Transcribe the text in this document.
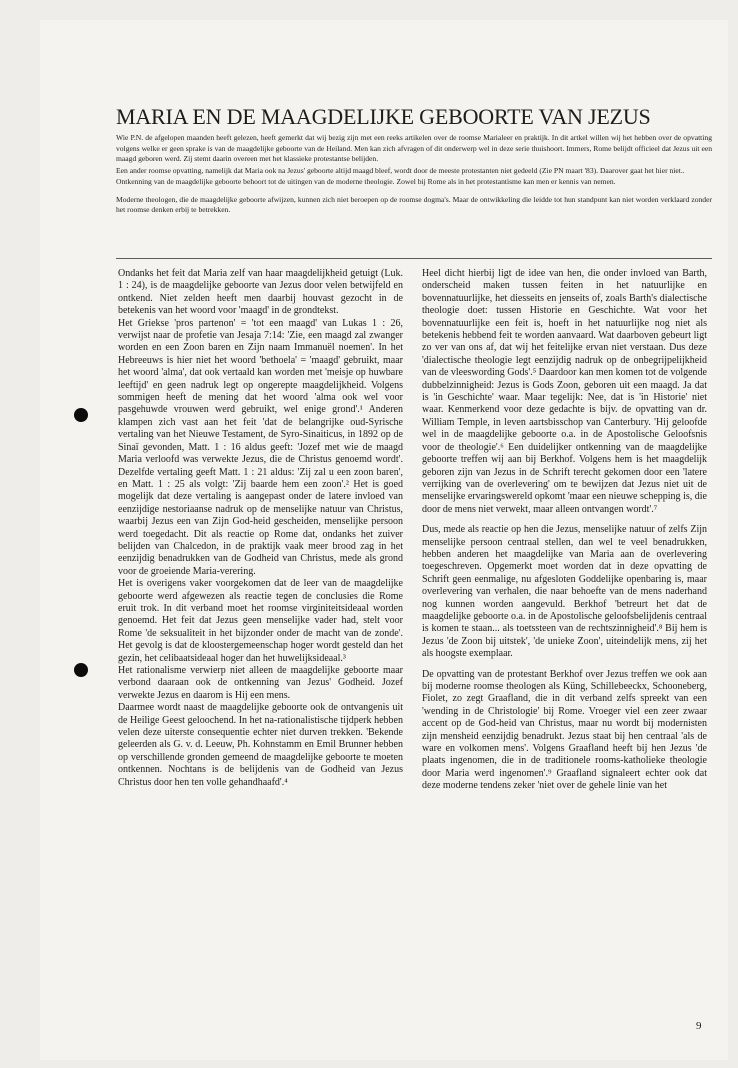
MARIA EN DE MAAGDELIJKE GEBOORTE VAN JEZUS

Wie P.N. de afgelopen maanden heeft gelezen, heeft gemerkt dat wij bezig zijn met een reeks artikelen over de roomse Marialeer en praktijk. In dit artkel willen wij het hebben over de opvatting volgens welke er geen sprake is van de maagdelijke geboorte van de Heiland. Men kan zich afvragen of dit onderwerp wel in deze serie thuishoort. Immers, Rome belijdt officieel dat Jezus uit een maagd geboren werd. Zij stemt daarin overeen met het klassieke protestantse belijden.

Een ander roomse opvatting, namelijk dat Maria ook na Jezus' geboorte altijd maagd bleef, wordt door de meeste protestanten niet gedeeld (Zie PN maart '83). Daarover gaat het hier niet..

Ontkenning van de maagdelijke geboorte behoort tot de uitingen van de moderne theologie. Zowel bij Rome als in het protestantisme kan men er kennis van nemen.

Moderne theologen, die de maagdelijke geboorte afwijzen, kunnen zich niet beroepen op de roomse dogma's. Maar de ontwikkeling die leidde tot hun standpunt kan niet worden verklaard zonder het roomse denken erbij te betrekken.

Ondanks het feit dat Maria zelf van haar maagdelijkheid getuigt (Luk. 1 : 24), is de maagdelijke geboorte van Jezus door velen betwijfeld en ontkend. Niet zelden heeft men daarbij houvast gezocht in de betekenis van het woord voor 'maagd' in de grondtekst.

Het Griekse 'pros partenon' = 'tot een maagd' van Lukas 1 : 26, verwijst naar de profetie van Jesaja 7:14: 'Zie, een maagd zal zwanger worden en een Zoon baren en Zijn naam Immanuël noemen'. In het Hebreeuws is hier niet het woord 'bethoela' = 'maagd' gebruikt, maar het woord 'alma', dat ook vertaald kan worden met 'meisje op huwbare leeftijd' en geen nadruk legt op ongerepte maagdelijkheid. Volgens sommigen heeft de mening dat het woord 'alma ook wel voor pasgehuwde vrouwen werd gebruikt, wel enige grond'.¹ Anderen klampen zich vast aan het feit 'dat de belangrijke oud-Syrische vertaling van het Nieuwe Testament, de Syro-Sinaiticus, in 1892 op de Sinaï gevonden, Matt. 1 : 16 aldus geeft: 'Jozef met wie de maagd Maria verloofd was verwekte Jezus, die de Christus genoemd wordt'. Dezelfde vertaling geeft Matt. 1 : 21 aldus: 'Zij zal u een zoon baren', en Matt. 1 : 25 als volgt: 'Zij baarde hem een zoon'.² Het is goed mogelijk dat deze vertaling is aangepast onder de latere invloed van eenzijdige nestoriaanse nadruk op de menselijke natuur van Christus, waarbij Jezus een van Zijn God-heid gescheiden, menselijke persoon werd toegedacht. Dit als reactie op Rome dat, ondanks het zuiver belijden van Chalcedon, in de praktijk vaak meer brood zag in het eenzijdig benadrukken van de Godheid van Christus, mede als grond voor de groeiende Maria-verering.

Het is overigens vaker voorgekomen dat de leer van de maagdelijke geboorte werd afgewezen als reactie tegen de conclusies die Rome eruit trok. In dit verband moet het roomse virginiteitsideaal worden genoemd. Het feit dat Jezus geen menselijke vader had, stelt voor Rome 'de seksualiteit in het bijzonder onder de macht van de zonde'. Het gevolg is dat de kloostergemeenschap hoger wordt gesteld dan het gezin, het celibaatsideaal hoger dan het huwelijksideaal.³

Het rationalisme verwierp niet alleen de maagdelijke geboorte maar verbond daaraan ook de ontkenning van Jezus' Godheid. Jozef verwekte Jezus en daarom is Hij een mens.

Daarmee wordt naast de maagdelijke geboorte ook de ontvangenis uit de Heilige Geest geloochend. In het na-rationalistische tijdperk hebben velen deze uiterste consequentie echter niet durven trekken. 'Bekende geleerden als G. v. d. Leeuw, Ph. Kohnstamm en Emil Brunner hebben op verschillende gronden gemeend de maagdelijke geboorte te moeten ontkennen. Nochtans is de belijdenis van de Godheid van Jezus Christus door hen ten volle gehandhaafd'.⁴

Heel dicht hierbij ligt de idee van hen, die onder invloed van Barth, onderscheid maken tussen feiten in het natuurlijke en bovennatuurlijke, het diesseits en jenseits of, zoals Barth's dialectische theologie doet: tussen Historie en Geschichte. Wat voor het bovennatuurlijke een feit is, hoeft in het natuurlijke nog niet als betekenis hebbend feit te worden aanvaard. Wat daarboven gebeurt ligt zo ver van ons af, dat wij het feitelijke ervan niet verstaan. Dus deze 'dialectische theologie legt eenzijdig nadruk op de onbegrijpelijkheid van de vleeswording Gods'.⁵ Daardoor kan men komen tot de volgende dubbelzinnigheid: Jezus is Gods Zoon, geboren uit een maagd. Ja dat is 'in Geschichte' waar. Maar tegelijk: Nee, dat is 'in Historie' niet waar. Kenmerkend voor deze gedachte is bijv. de opvatting van dr. William Temple, in leven aartsbisschop van Canterbury. 'Hij geloofde wel in de maagdelijke geboorte o.a. in de Apostolische Geloofsnis voor de theologie'.⁶ Een duidelijker ontkenning van de maagdelijke geboorte treffen wij aan bij Berkhof. Volgens hem is het maagdelijk geboren zijn van Jezus in de Schrift terecht gekomen door een 'latere verrijking van de overlevering' om te bewijzen dat Jezus niet uit de menselijke ervaringswereld opkomt 'maar een nieuwe schepping is, die door de mens niet verwekt, maar alleen ontvangen wordt'.⁷

Dus, mede als reactie op hen die Jezus, menselijke natuur of zelfs Zijn menselijke persoon centraal stellen, dan wel te veel benadrukken, hebben anderen het maagdelijke van Maria aan de overlevering toegeschreven. Opgemerkt moet worden dat in deze opvatting de Schrift geen eenmalige, nu afgesloten Goddelijke openbaring is, maar overlevering van verhalen, die naar behoefte van de mens naderhand nog kunnen worden aangevuld. Berkhof 'betreurt het dat de maagdelijke geboorte o.a. in de Apostolische geloofsbelijdenis centraal is komen te staan... als toetssteen van de rechtszinnigheid'.⁸ Bij hem is Jezus 'de Zoon bij uitstek', 'de unieke Zoon', uiteindelijk mens, zij het als hoogste exemplaar.

De opvatting van de protestant Berkhof over Jezus treffen we ook aan bij moderne roomse theologen als Küng, Schillebeeckx, Schooneberg, Fiolet, zo zegt Graafland, die in dit verband zelfs spreekt van een 'wending in de Christologie' bij Rome. Vroeger viel een zeer zwaar accent op de God-heid van Christus, maar nu wordt bij modernisten zijn mensheid eenzijdig benadrukt. Jezus staat bij hen centraal 'als de ware en volkomen mens'. Volgens Graafland heeft bij hen Jezus 'de plaats ingenomen, die in de traditionele rooms-katholieke theologie door Maria werd ingenomen'.⁹ Graafland signaleert echter ook dat deze moderne tendens zeker 'niet over de gehele linie van het

9
